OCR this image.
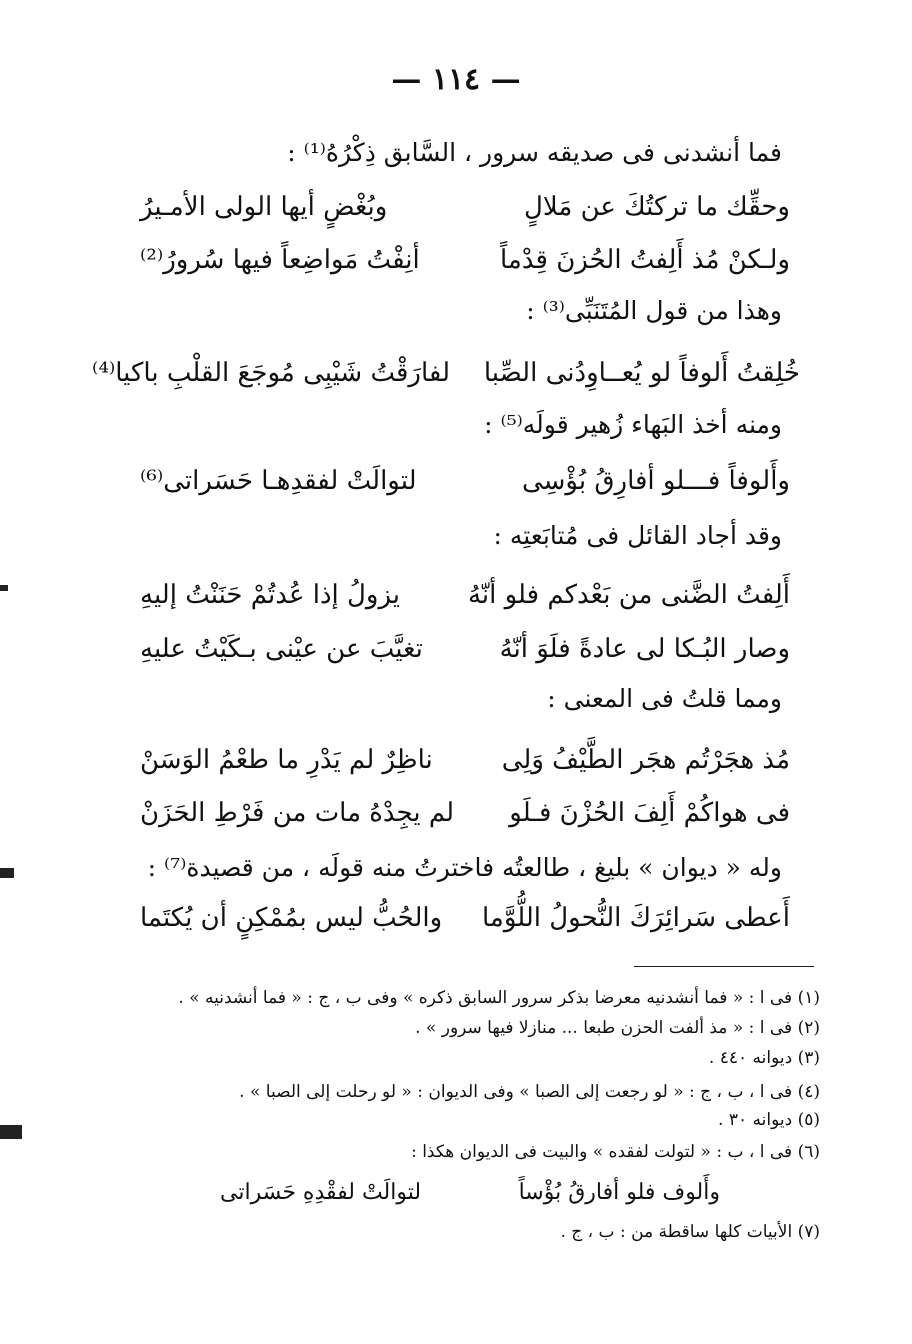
— ١١٤ —
فما أنشدنى فى صديقه سرور ، السَّابق ذِكْرُهُ⁽¹⁾ :
وحقِّك ما تركتُكَ عن مَلالٍ
وبُغْضٍ أيها الولى الأمـيرُ
ولـكنْ مُذ أَلِفتُ الحُزنَ قِدْماً
أنِفْتُ مَواضِعاً فيها سُرورُ⁽²⁾
وهذا من قول المُتَنَبِّى⁽³⁾ :
خُلِقتُ أَلوفاً لو يُعــاوِدُنى الصِّبا
لفارَقْتُ شَيْبِى مُوجَعَ القلْبِ باكيا⁽⁴⁾
ومنه أخذ البَهاء زُهير قولَه⁽⁵⁾ :
وأَلوفاً فـــلو أفارِقُ بُؤْسِى
لتوالَتْ لفقدِهـا حَسَراتى⁽⁶⁾
وقد أجاد القائل فى مُتابَعتِه :
أَلِفتُ الضَّنى من بَعْدكم فلو أنّهُ
يزولُ إذا عُدتُمْ حَنَنْتُ إليهِ
وصار البُـكا لى عادةً فلَوَ أنّهُ
تغيَّبَ عن عيْنى بـكَيْتُ عليهِ
ومما قلتُ فى المعنى :
مُذ هجَرْتُم هجَر الطَّيْفُ وَلِى
ناظِرٌ لم يَدْرِ ما طعْمُ الوَسَنْ
فى هواكُمْ أَلِفَ الحُزْنَ فـلَو
لم يجِدْهُ مات من فَرْطِ الحَزَنْ
وله « ديوان » بليغ ، طالعتُه فاخترتُ منه قولَه ، من قصيدة⁽⁷⁾ :
أَعطى سَرائِرَكَ النُّحولُ اللُّوَّما
والحُبُّ ليس بمُمْكِنٍ أن يُكتَما
(١) فى ا : « فما أنشدنيه معرضا بذكر سرور السابق ذكره » وفى ب ، ج : « فما أنشدنيه » .
(٢) فى ا : « مذ ألفت الحزن طبعا ... منازلا فيها سرور » .
(٣) ديوانه ٤٤٠ .
(٤) فى ا ، ب ، ج : « لو رجعت إلى الصبا » وفى الديوان : « لو رحلت إلى الصبا » .
(٥) ديوانه ٣٠ .
(٦) فى ا ، ب : « لتولت لفقده » والبيت فى الديوان هكذا :
وأَلوف فلو أفارقُ بُؤْساً
لتوالَتْ لفقْدِهِ حَسَراتى
(٧) الأبيات كلها ساقطة من : ب ، ج .
